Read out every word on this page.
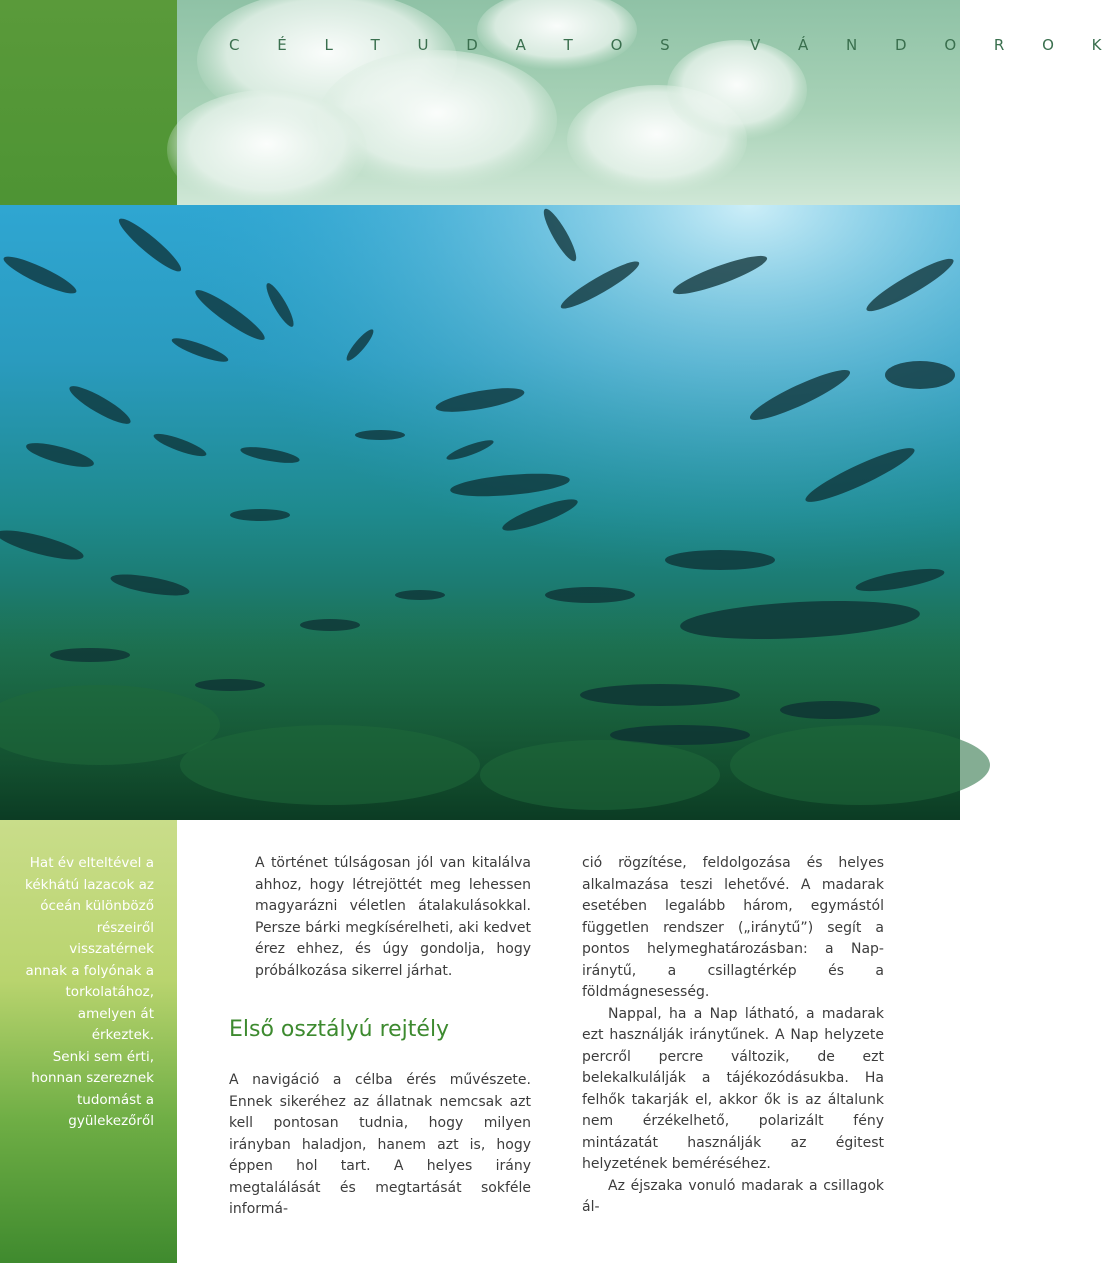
C É L T U D A T O S   V Á N D O R O K
Hat év elteltével a
kékhátú lazacok az
óceán különböző
részeiről visszatérnek
annak a folyónak a
torkolatához,
amelyen át érkeztek.
Senki sem érti,
honnan szereznek
tudomást a
gyülekezőről

A történet túlságosan jól van kitalálva ahhoz, hogy létrejöttét meg lehessen magyarázni véletlen átalakulásokkal. Persze bárki megkísérelheti, aki kedvet érez ehhez, és úgy gondolja, hogy próbálkozása sikerrel járhat.

Első osztályú rejtély

A navigáció a célba érés művészete. Ennek sikeréhez az állatnak nemcsak azt kell pontosan tudnia, hogy milyen irányban haladjon, hanem azt is, hogy éppen hol tart. A helyes irány megtalálását és megtartását sokféle informá-

ció rögzítése, feldolgozása és helyes alkalmazása teszi lehetővé. A madarak esetében legalább három, egymástól független rendszer („iránytű”) segít a pontos helymeghatározásban: a Nap-iránytű, a csillagtérkép és a földmágnesesség.

Nappal, ha a Nap látható, a madarak ezt használják iránytűnek. A Nap helyzete percről percre változik, de ezt belekalkulálják a tájékozódásukba. Ha felhők takarják el, akkor ők is az általunk nem érzékelhető, polarizált fény mintázatát használják az égitest helyzetének beméréséhez.

Az éjszaka vonuló madarak a csillagok ál-
